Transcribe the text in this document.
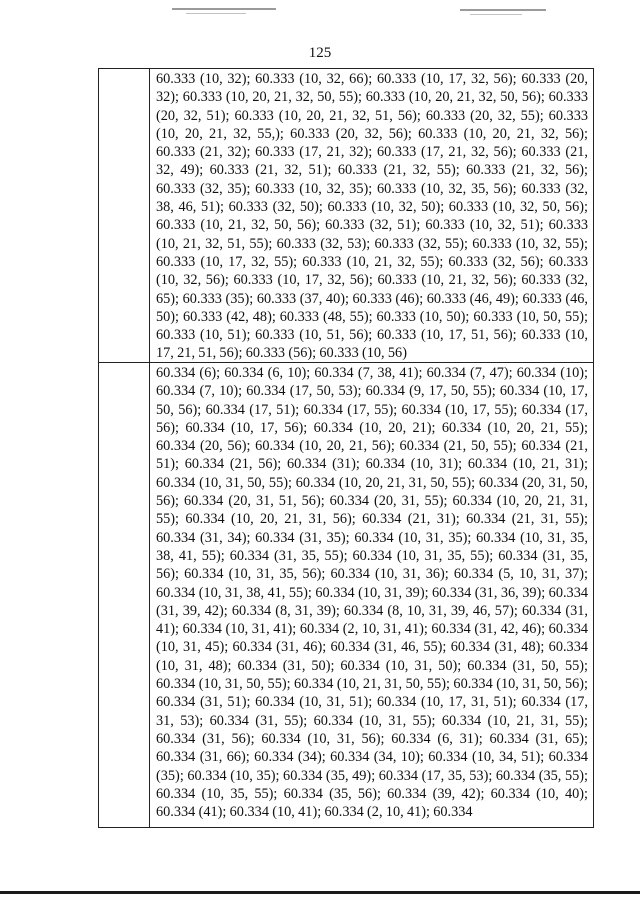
125

	60.333 (10, 32); 60.333 (10, 32, 66); 60.333 (10, 17, 32, 56); 60.333 (20, 32); 60.333 (10, 20, 21, 32, 50, 55); 60.333 (10, 20, 21, 32, 50, 56); 60.333 (20, 32, 51); 60.333 (10, 20, 21, 32, 51, 56); 60.333 (20, 32, 55); 60.333 (10, 20, 21, 32, 55,); 60.333 (20, 32, 56); 60.333 (10, 20, 21, 32, 56); 60.333 (21, 32); 60.333 (17, 21, 32); 60.333 (17, 21, 32, 56); 60.333 (21, 32, 49); 60.333 (21, 32, 51); 60.333 (21, 32, 55); 60.333 (21, 32, 56); 60.333 (32, 35); 60.333 (10, 32, 35); 60.333 (10, 32, 35, 56); 60.333 (32, 38, 46, 51); 60.333 (32, 50); 60.333 (10, 32, 50); 60.333 (10, 32, 50, 56); 60.333 (10, 21, 32, 50, 56); 60.333 (32, 51); 60.333 (10, 32, 51); 60.333 (10, 21, 32, 51, 55); 60.333 (32, 53); 60.333 (32, 55); 60.333 (10, 32, 55); 60.333 (10, 17, 32, 55); 60.333 (10, 21, 32, 55); 60.333 (32, 56); 60.333 (10, 32, 56); 60.333 (10, 17, 32, 56); 60.333 (10, 21, 32, 56); 60.333 (32, 65); 60.333 (35); 60.333 (37, 40); 60.333 (46); 60.333 (46, 49); 60.333 (46, 50); 60.333 (42, 48); 60.333 (48, 55); 60.333 (10, 50); 60.333 (10, 50, 55); 60.333 (10, 51); 60.333 (10, 51, 56); 60.333 (10, 17, 51, 56); 60.333 (10, 17, 21, 51, 56); 60.333 (56); 60.333 (10, 56)

	60.334 (6); 60.334 (6, 10); 60.334 (7, 38, 41); 60.334 (7, 47); 60.334 (10); 60.334 (7, 10); 60.334 (17, 50, 53); 60.334 (9, 17, 50, 55); 60.334 (10, 17, 50, 56); 60.334 (17, 51); 60.334 (17, 55); 60.334 (10, 17, 55); 60.334 (17, 56); 60.334 (10, 17, 56); 60.334 (10, 20, 21); 60.334 (10, 20, 21, 55); 60.334 (20, 56); 60.334 (10, 20, 21, 56); 60.334 (21, 50, 55); 60.334 (21, 51); 60.334 (21, 56); 60.334 (31); 60.334 (10, 31); 60.334 (10, 21, 31); 60.334 (10, 31, 50, 55); 60.334 (10, 20, 21, 31, 50, 55); 60.334 (20, 31, 50, 56); 60.334 (20, 31, 51, 56); 60.334 (20, 31, 55); 60.334 (10, 20, 21, 31, 55); 60.334 (10, 20, 21, 31, 56); 60.334 (21, 31); 60.334 (21, 31, 55); 60.334 (31, 34); 60.334 (31, 35); 60.334 (10, 31, 35); 60.334 (10, 31, 35, 38, 41, 55); 60.334 (31, 35, 55); 60.334 (10, 31, 35, 55); 60.334 (31, 35, 56); 60.334 (10, 31, 35, 56); 60.334 (10, 31, 36); 60.334 (5, 10, 31, 37); 60.334 (10, 31, 38, 41, 55); 60.334 (10, 31, 39); 60.334 (31, 36, 39); 60.334 (31, 39, 42); 60.334 (8, 31, 39); 60.334 (8, 10, 31, 39, 46, 57); 60.334 (31, 41); 60.334 (10, 31, 41); 60.334 (2, 10, 31, 41); 60.334 (31, 42, 46); 60.334 (10, 31, 45); 60.334 (31, 46); 60.334 (31, 46, 55); 60.334 (31, 48); 60.334 (10, 31, 48); 60.334 (31, 50); 60.334 (10, 31, 50); 60.334 (31, 50, 55); 60.334 (10, 31, 50, 55); 60.334 (10, 21, 31, 50, 55); 60.334 (10, 31, 50, 56); 60.334 (31, 51); 60.334 (10, 31, 51); 60.334 (10, 17, 31, 51); 60.334 (17, 31, 53); 60.334 (31, 55); 60.334 (10, 31, 55); 60.334 (10, 21, 31, 55); 60.334 (31, 56); 60.334 (10, 31, 56); 60.334 (6, 31); 60.334 (31, 65); 60.334 (31, 66); 60.334 (34); 60.334 (34, 10); 60.334 (10, 34, 51); 60.334 (35); 60.334 (10, 35); 60.334 (35, 49); 60.334 (17, 35, 53); 60.334 (35, 55); 60.334 (10, 35, 55); 60.334 (35, 56); 60.334 (39, 42); 60.334 (10, 40); 60.334 (41); 60.334 (10, 41); 60.334 (2, 10, 41); 60.334
